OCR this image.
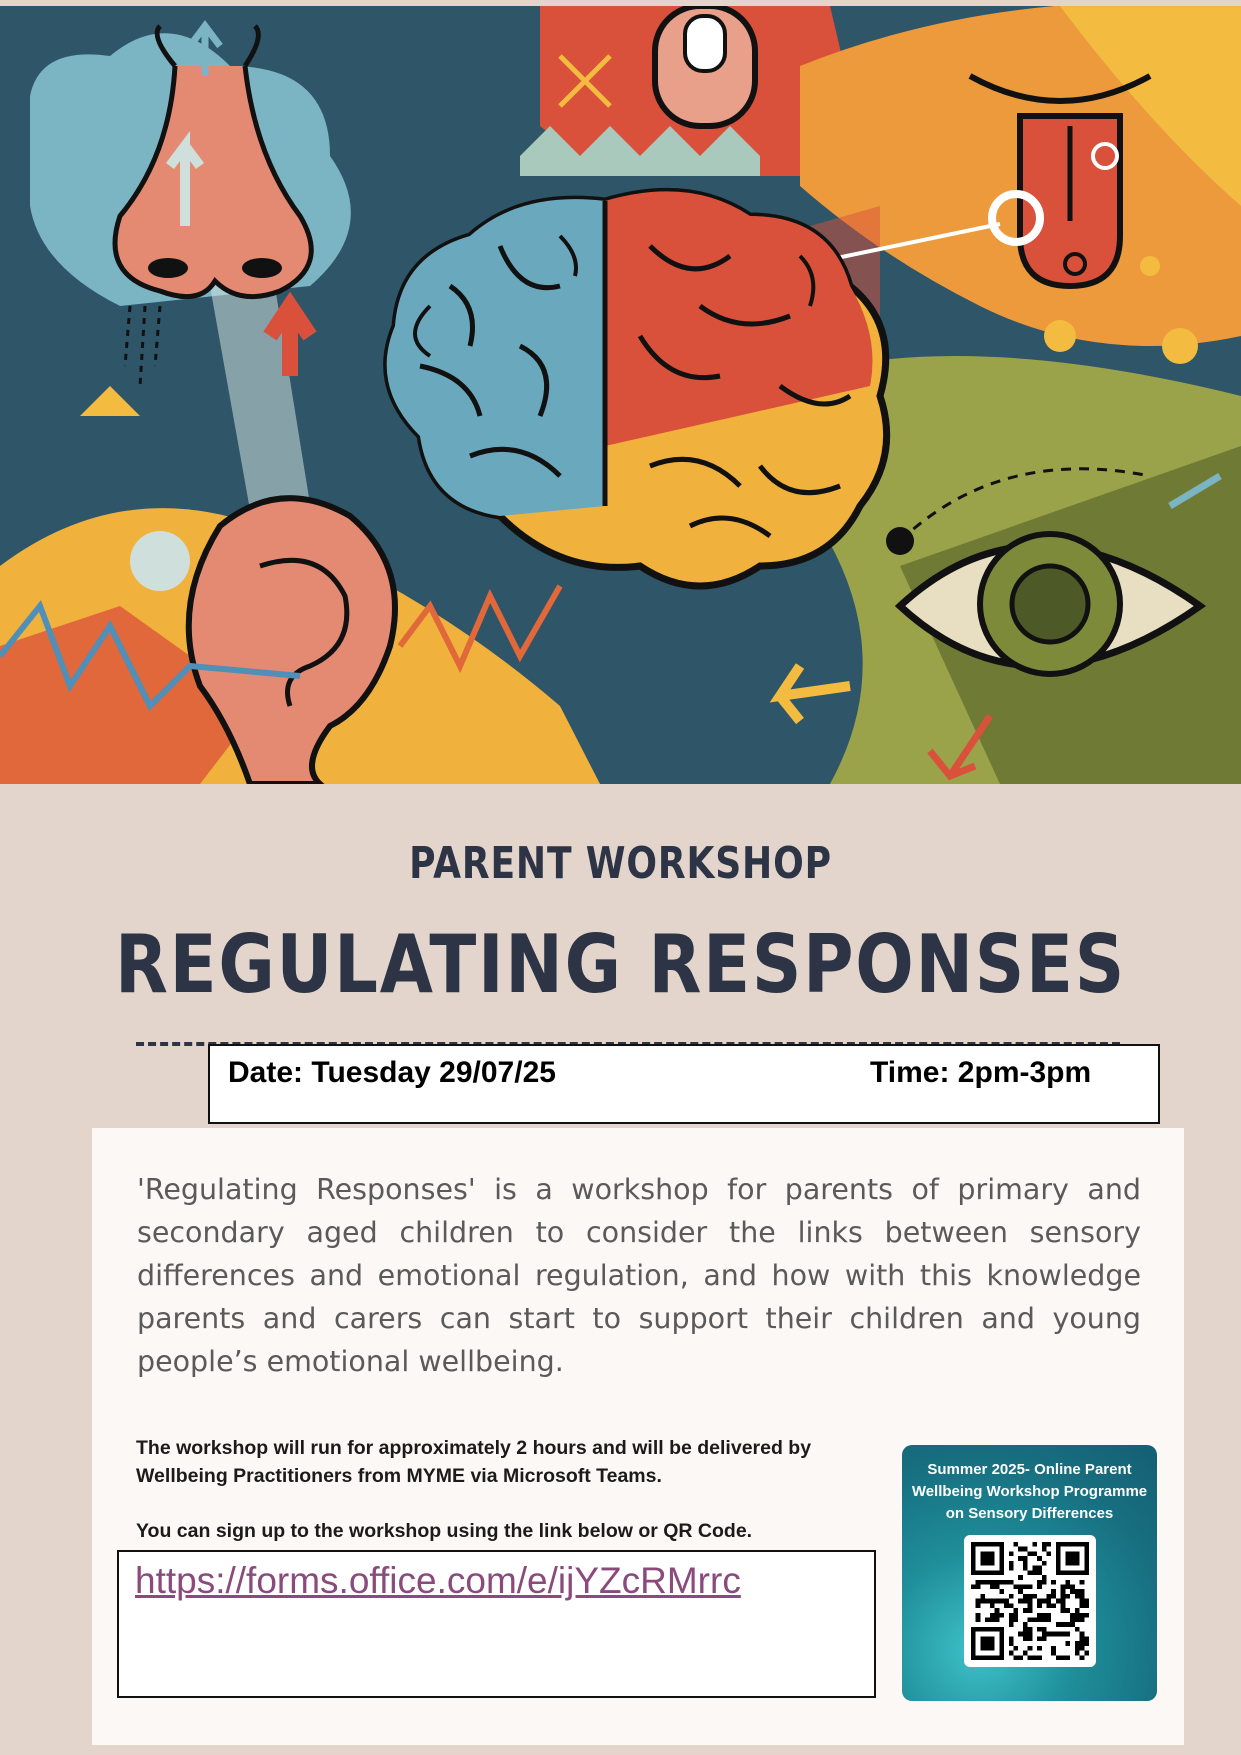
PARENT WORKSHOP
REGULATING RESPONSES
Date: Tuesday 29/07/25	Time: 2pm-3pm
'Regulating Responses' is a workshop for parents of primary and secondary aged children to consider the links between sensory differences and emotional regulation, and how with this knowledge parents and carers can start to support their children and young people’s emotional wellbeing.
The workshop will run for approximately 2 hours and will be delivered by Wellbeing Practitioners from MYME via Microsoft Teams.
You can sign up to the workshop using the link below or QR Code.
https://forms.office.com/e/ijYZcRMrrc
Summer 2025- Online Parent Wellbeing Workshop Programme on Sensory Differences
